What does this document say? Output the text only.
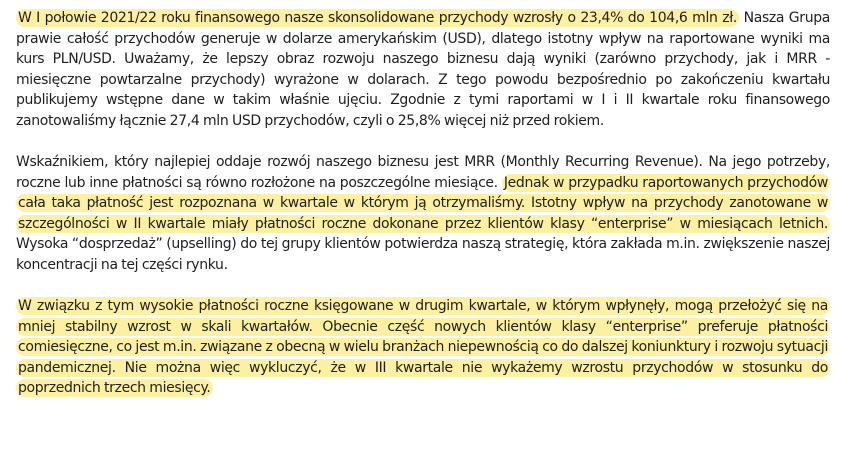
W I połowie 2021/22 roku finansowego nasze skonsolidowane przychody wzrosły o 23,4% do 104,6 mln zł. Nasza Grupa prawie całość przychodów generuje w dolarze amerykańskim (USD), dlatego istotny wpływ na raportowane wyniki ma kurs PLN/USD. Uważamy, że lepszy obraz rozwoju naszego biznesu dają wyniki (zarówno przychody, jak i MRR - miesięczne powtarzalne przychody) wyrażone w dolarach. Z tego powodu bezpośrednio po zakończeniu kwartału publikujemy wstępne dane w takim właśnie ujęciu. Zgodnie z tymi raportami w I i II kwartale roku finansowego zanotowaliśmy łącznie 27,4 mln USD przychodów, czyli o 25,8% więcej niż przed rokiem.

Wskaźnikiem, który najlepiej oddaje rozwój naszego biznesu jest MRR (Monthly Recurring Revenue). Na jego potrzeby, roczne lub inne płatności są równo rozłożone na poszczególne miesiące. Jednak w przypadku raportowanych przychodów cała taka płatność jest rozpoznana w kwartale w którym ją otrzymaliśmy. Istotny wpływ na przychody zanotowane w szczególności w II kwartale miały płatności roczne dokonane przez klientów klasy “enterprise” w miesiącach letnich. Wysoka “dosprzedaż” (upselling) do tej grupy klientów potwierdza naszą strategię, która zakłada m.in. zwiększenie naszej koncentracji na tej części rynku.

W związku z tym wysokie płatności roczne księgowane w drugim kwartale, w którym wpłynęły, mogą przełożyć się na mniej stabilny wzrost w skali kwartałów. Obecnie część nowych klientów klasy “enterprise” preferuje płatności comiesięczne, co jest m.in. związane z obecną w wielu branżach niepewnością co do dalszej koniunktury i rozwoju sytuacji pandemicznej. Nie można więc wykluczyć, że w III kwartale nie wykażemy wzrostu przychodów w stosunku do poprzednich trzech miesięcy.
